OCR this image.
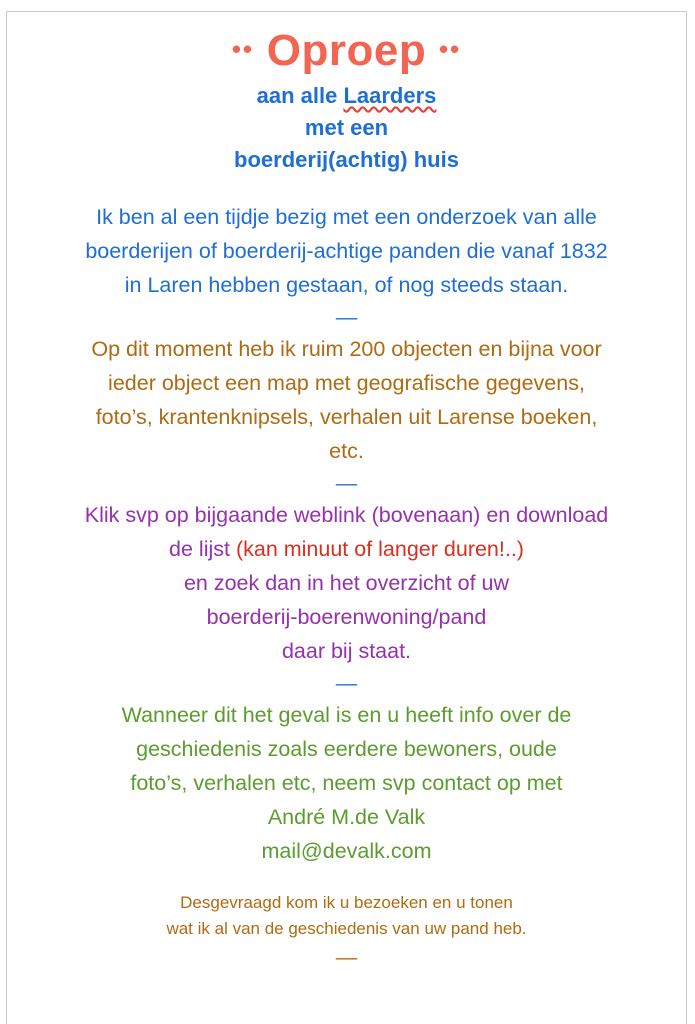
•• Oproep ••
aan alle Laarders
met een
boerderij(achtig) huis
Ik ben al een tijdje bezig met een onderzoek van alle
boerderijen of boerderij-achtige panden die vanaf 1832
in Laren hebben gestaan, of nog steeds staan.
—
Op dit moment heb ik ruim 200 objecten en bijna voor
ieder object een map met geografische gegevens,
foto’s, krantenknipsels, verhalen uit Larense boeken,
etc.
—
Klik svp op bijgaande weblink (bovenaan) en download
de lijst (kan minuut of langer duren!..)
en zoek dan in het overzicht of uw
boerderij-boerenwoning/pand
daar bij staat.
—
Wanneer dit het geval is en u heeft info over de
geschiedenis zoals eerdere bewoners, oude
foto’s, verhalen etc, neem svp contact op met
André M.de Valk
mail@devalk.com
Desgevraagd kom ik u bezoeken en u tonen
wat ik al van de geschiedenis van uw pand heb.
—
